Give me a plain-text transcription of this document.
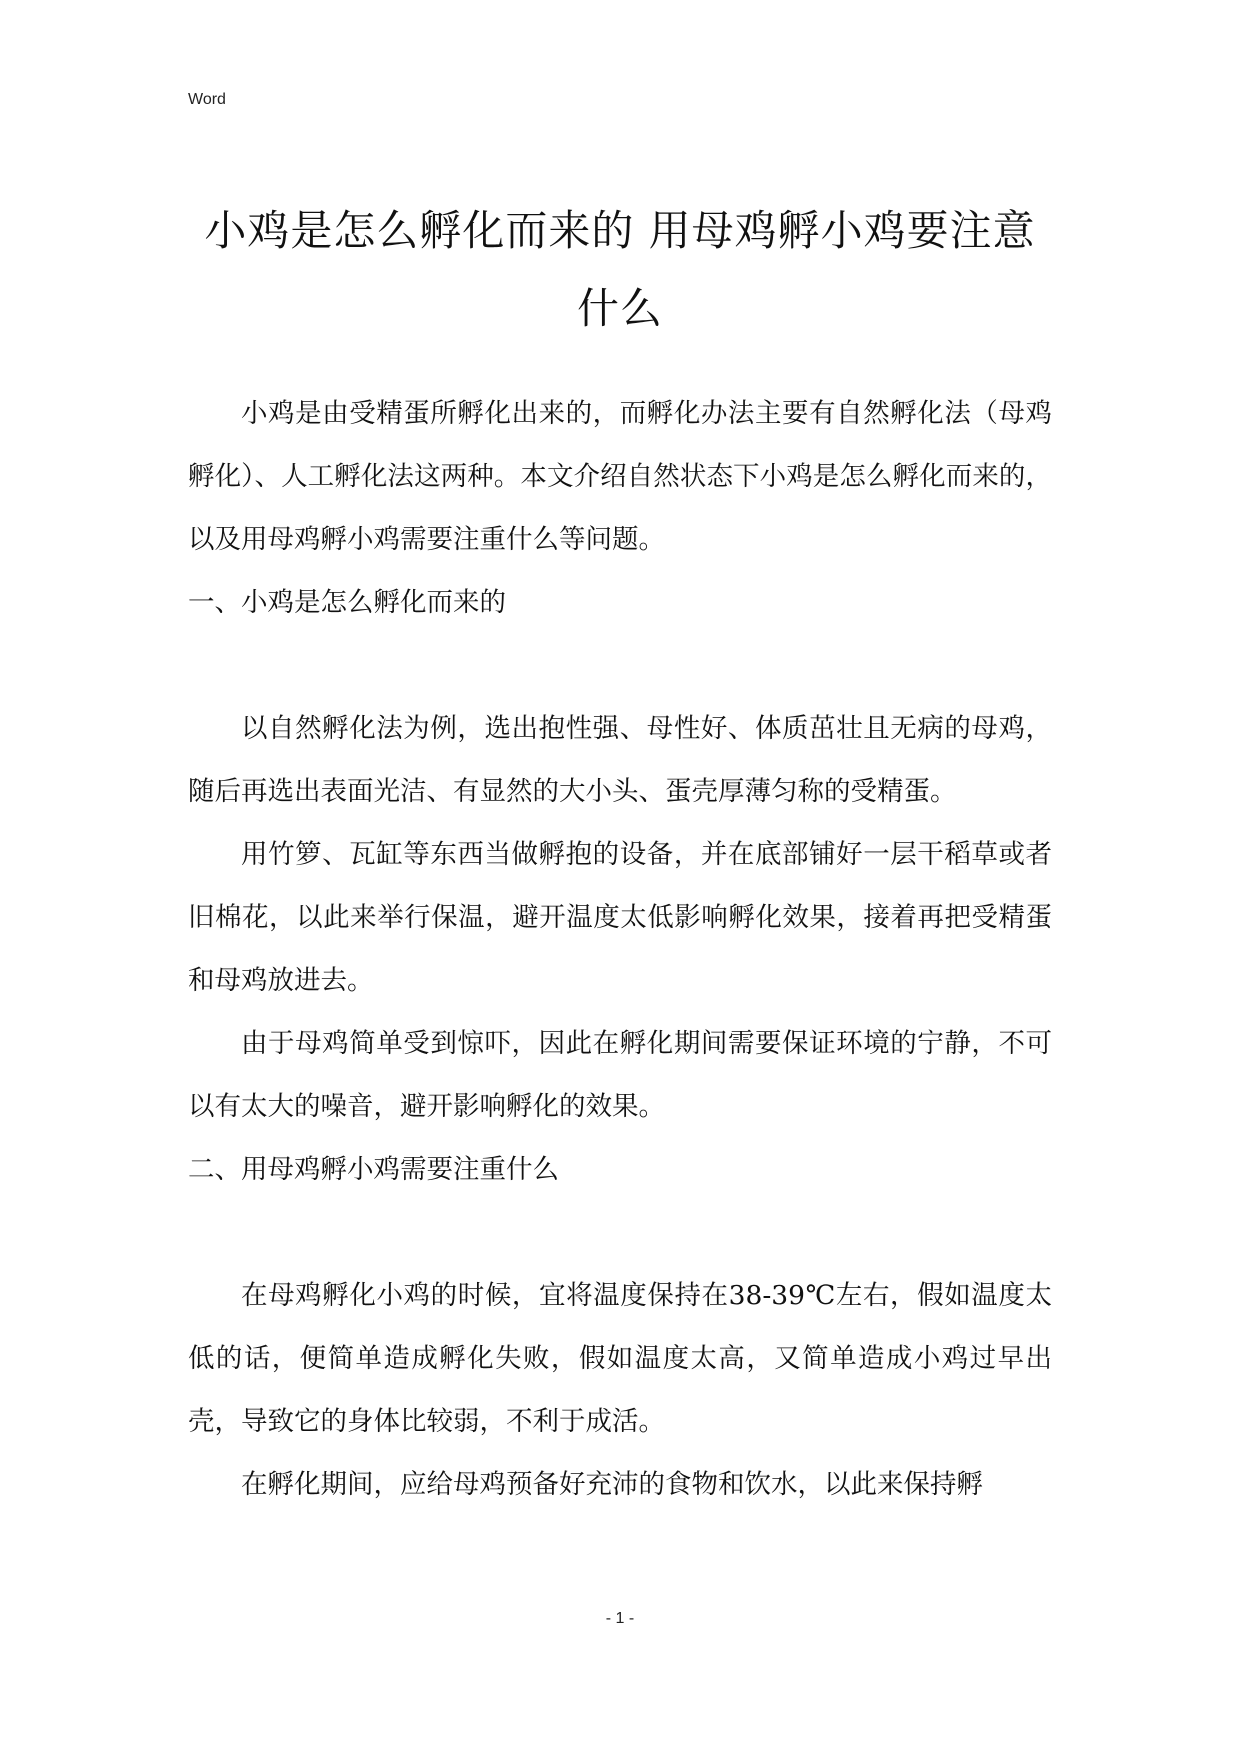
Word
小鸡是怎么孵化而来的 用母鸡孵小鸡要注意什么

小鸡是由受精蛋所孵化出来的，而孵化办法主要有自然孵化法（母鸡孵化）、人工孵化法这两种。本文介绍自然状态下小鸡是怎么孵化而来的，以及用母鸡孵小鸡需要注重什么等问题。

一、小鸡是怎么孵化而来的

以自然孵化法为例，选出抱性强、母性好、体质茁壮且无病的母鸡，随后再选出表面光洁、有显然的大小头、蛋壳厚薄匀称的受精蛋。

用竹箩、瓦缸等东西当做孵抱的设备，并在底部铺好一层干稻草或者旧棉花，以此来举行保温，避开温度太低影响孵化效果，接着再把受精蛋和母鸡放进去。

由于母鸡简单受到惊吓，因此在孵化期间需要保证环境的宁静，不可以有太大的噪音，避开影响孵化的效果。

二、用母鸡孵小鸡需要注重什么

在母鸡孵化小鸡的时候，宜将温度保持在38-39℃左右，假如温度太低的话，便简单造成孵化失败，假如温度太高，又简单造成小鸡过早出壳，导致它的身体比较弱，不利于成活。

在孵化期间，应给母鸡预备好充沛的食物和饮水，以此来保持孵

- 1 -
